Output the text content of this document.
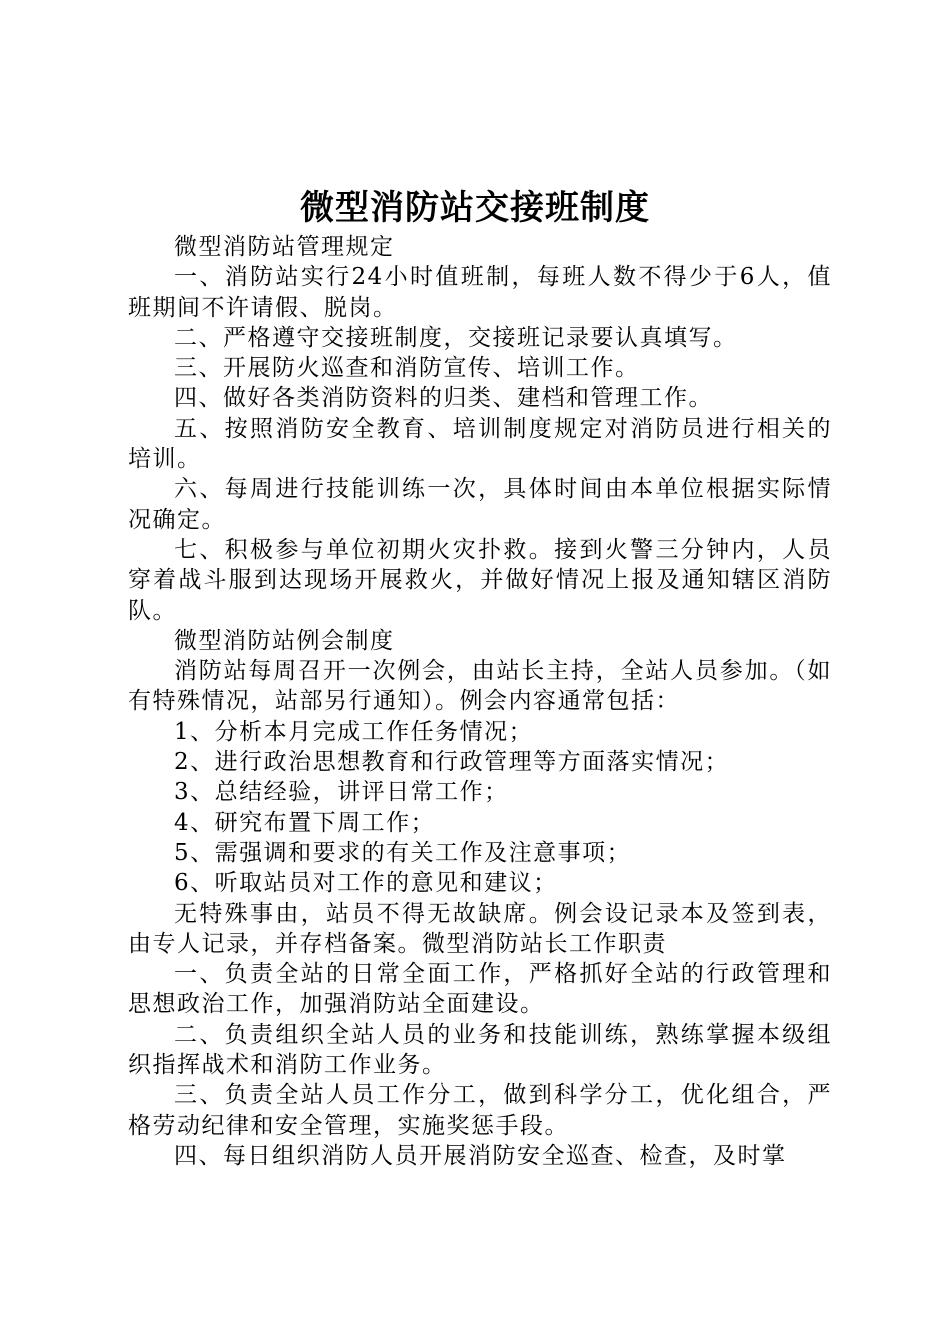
微型消防站交接班制度

微型消防站管理规定

一、消防站实行24小时值班制，每班人数不得少于6人，值班期间不许请假、脱岗。

二、严格遵守交接班制度，交接班记录要认真填写。

三、开展防火巡查和消防宣传、培训工作。

四、做好各类消防资料的归类、建档和管理工作。

五、按照消防安全教育、培训制度规定对消防员进行相关的培训。

六、每周进行技能训练一次，具体时间由本单位根据实际情况确定。

七、积极参与单位初期火灾扑救。接到火警三分钟内，人员穿着战斗服到达现场开展救火，并做好情况上报及通知辖区消防队。

微型消防站例会制度

消防站每周召开一次例会，由站长主持，全站人员参加。（如有特殊情况，站部另行通知）。例会内容通常包括：

1、分析本月完成工作任务情况；

2、进行政治思想教育和行政管理等方面落实情况；

3、总结经验，讲评日常工作；

4、研究布置下周工作；

5、需强调和要求的有关工作及注意事项；

6、听取站员对工作的意见和建议；

无特殊事由，站员不得无故缺席。例会设记录本及签到表，由专人记录，并存档备案。微型消防站长工作职责

一、负责全站的日常全面工作，严格抓好全站的行政管理和思想政治工作，加强消防站全面建设。

二、负责组织全站人员的业务和技能训练，熟练掌握本级组织指挥战术和消防工作业务。

三、负责全站人员工作分工，做到科学分工，优化组合，严格劳动纪律和安全管理，实施奖惩手段。

四、每日组织消防人员开展消防安全巡查、检查，及时掌
